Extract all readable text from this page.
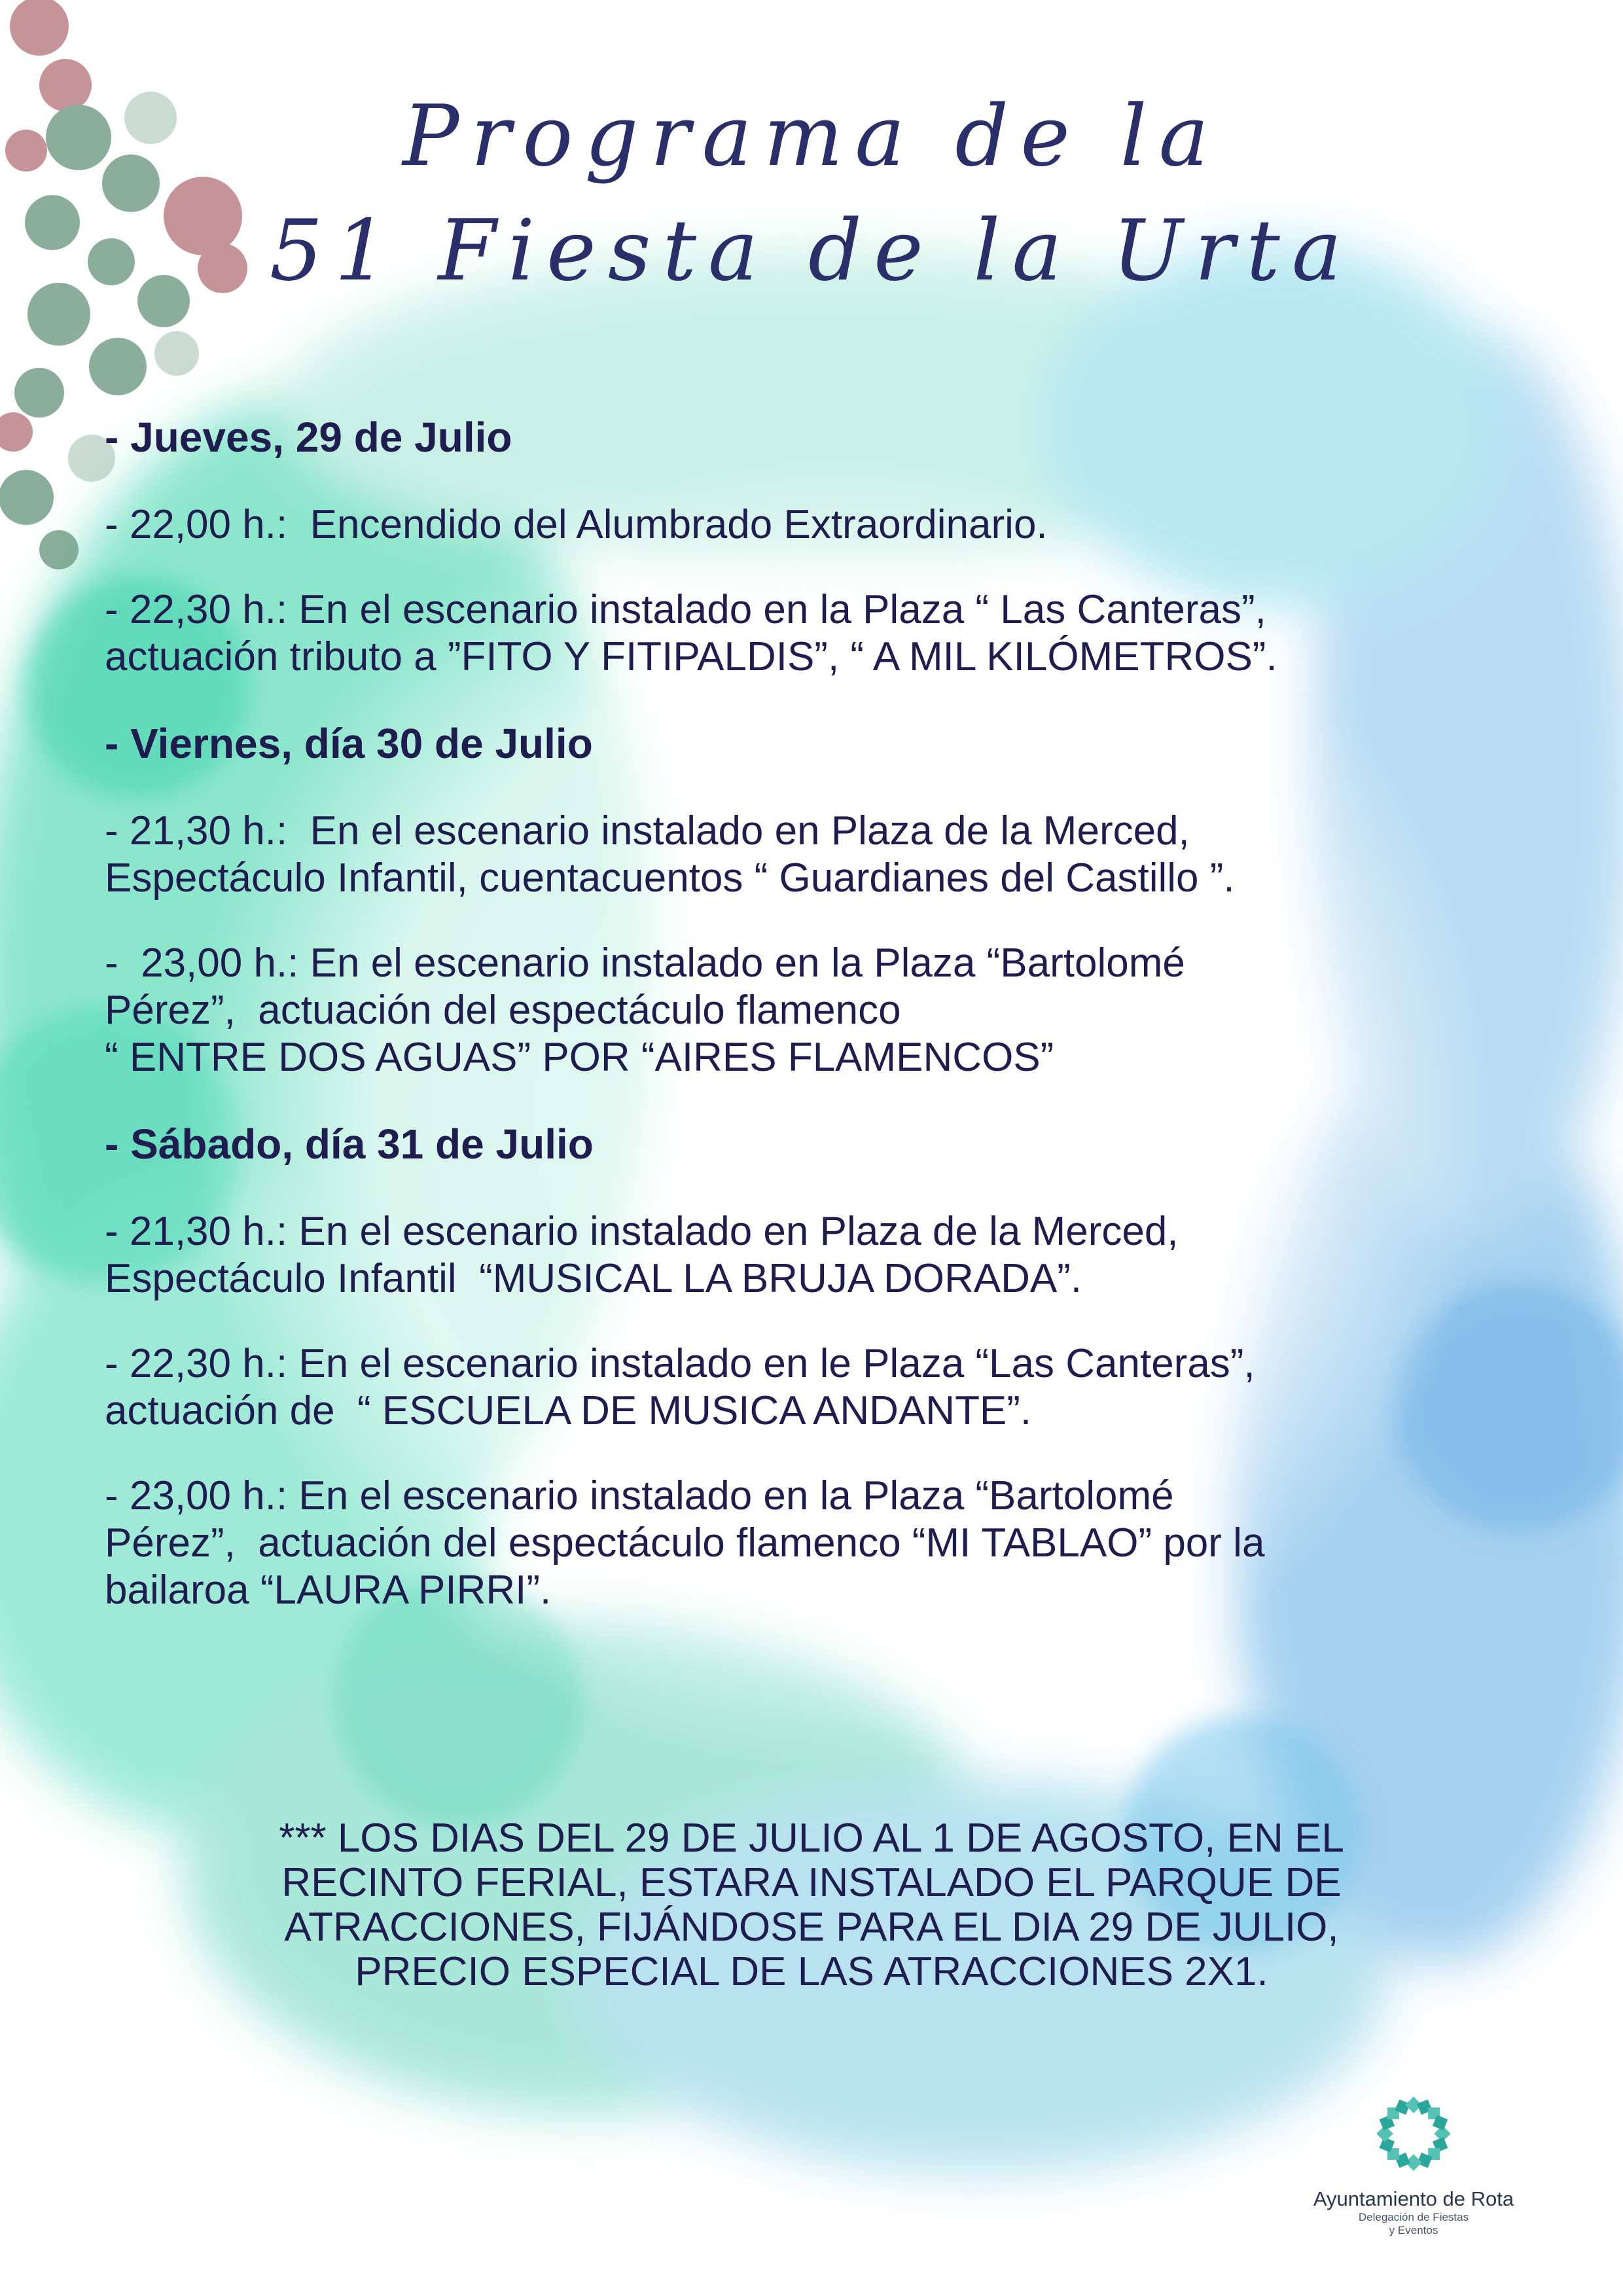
Programa de la
51 Fiesta de la Urta
- Jueves, 29 de Julio
- 22,00 h.:  Encendido del Alumbrado Extraordinario.
- 22,30 h.: En el escenario instalado en la Plaza “ Las Canteras”,
actuación tributo a ”FITO Y FITIPALDIS”, “ A MIL KILÓMETROS”.
- Viernes, día 30 de Julio
- 21,30 h.:  En el escenario instalado en Plaza de la Merced,
Espectáculo Infantil, cuentacuentos “ Guardianes del Castillo ”.
-  23,00 h.: En el escenario instalado en la Plaza “Bartolomé
Pérez”,  actuación del espectáculo flamenco
“ ENTRE DOS AGUAS” POR “AIRES FLAMENCOS”
- Sábado, día 31 de Julio
- 21,30 h.: En el escenario instalado en Plaza de la Merced,
Espectáculo Infantil  “MUSICAL LA BRUJA DORADA”.
- 22,30 h.: En el escenario instalado en le Plaza “Las Canteras”,
actuación de  “ ESCUELA DE MUSICA ANDANTE”.
- 23,00 h.: En el escenario instalado en la Plaza “Bartolomé
Pérez”,  actuación del espectáculo flamenco “MI TABLAO” por la
bailaroa “LAURA PIRRI”.
*** LOS DIAS DEL 29 DE JULIO AL 1 DE AGOSTO, EN EL
RECINTO FERIAL, ESTARA INSTALADO EL PARQUE DE
ATRACCIONES, FIJÁNDOSE PARA EL DIA 29 DE JULIO,
PRECIO ESPECIAL DE LAS ATRACCIONES 2X1.
Ayuntamiento de Rota
Delegación de Fiestas
y Eventos
